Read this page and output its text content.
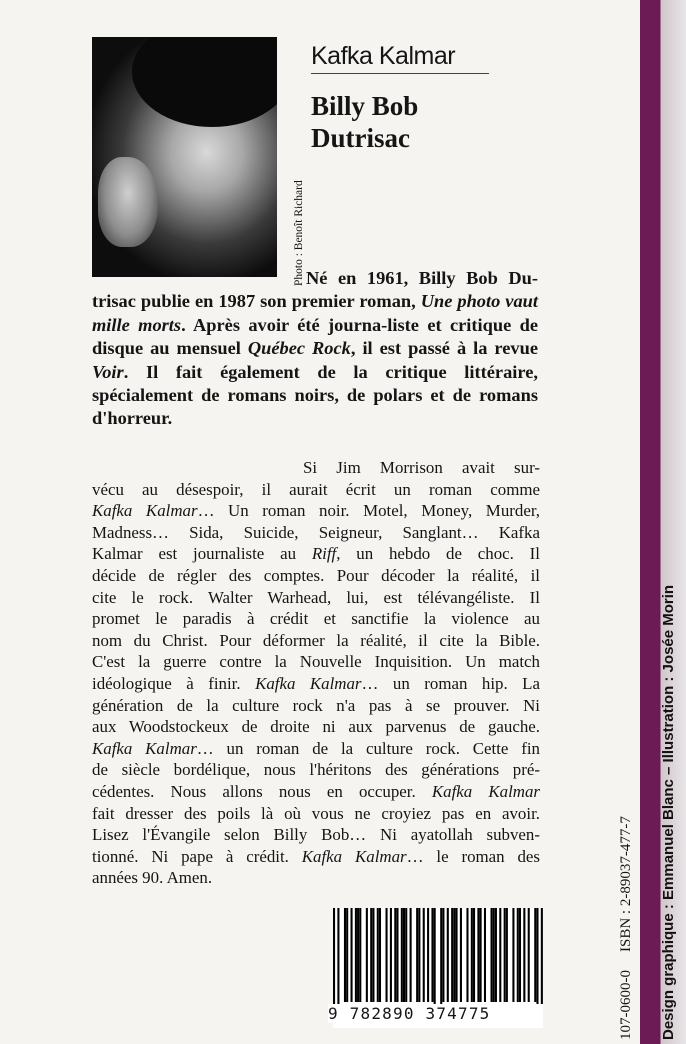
Design graphique : Emmanuel Blanc – Illustration : Josée Morin
Photo : Benoît Richard
Kafka Kalmar
Billy Bob
Dutrisac
Né en 1961, Billy Bob Du-trisac publie en 1987 son premier roman, Une photo vaut mille morts. Après avoir été journa-liste et critique de disque au mensuel Québec Rock, il est passé à la revue Voir. Il fait également de la critique littéraire, spécialement de romans noirs, de polars et de romans d'horreur.
Si Jim Morrison avait sur-
vécu au désespoir, il aurait écrit un roman comme
Kafka Kalmar… Un roman noir. Motel, Money, Murder,
Madness… Sida, Suicide, Seigneur, Sanglant… Kafka
Kalmar est journaliste au Riff, un hebdo de choc. Il
décide de régler des comptes. Pour décoder la réalité, il
cite le rock. Walter Warhead, lui, est télévangéliste. Il
promet le paradis à crédit et sanctifie la violence au
nom du Christ. Pour déformer la réalité, il cite la Bible.
C'est la guerre contre la Nouvelle Inquisition. Un match
idéologique à finir. Kafka Kalmar… un roman hip. La
génération de la culture rock n'a pas à se prouver. Ni
aux Woodstockeux de droite ni aux parvenus de gauche.
Kafka Kalmar… un roman de la culture rock. Cette fin
de siècle bordélique, nous l'héritons des générations pré-
cédentes. Nous allons nous en occuper. Kafka Kalmar
fait dresser des poils là où vous ne croyiez pas en avoir.
Lisez l'Évangile selon Billy Bob… Ni ayatollah subven-
tionné. Ni pape à crédit. Kafka Kalmar… le roman des
années 90. Amen.
9 782890 374775	107-0600-0ISBN : 2-89037-477-7
